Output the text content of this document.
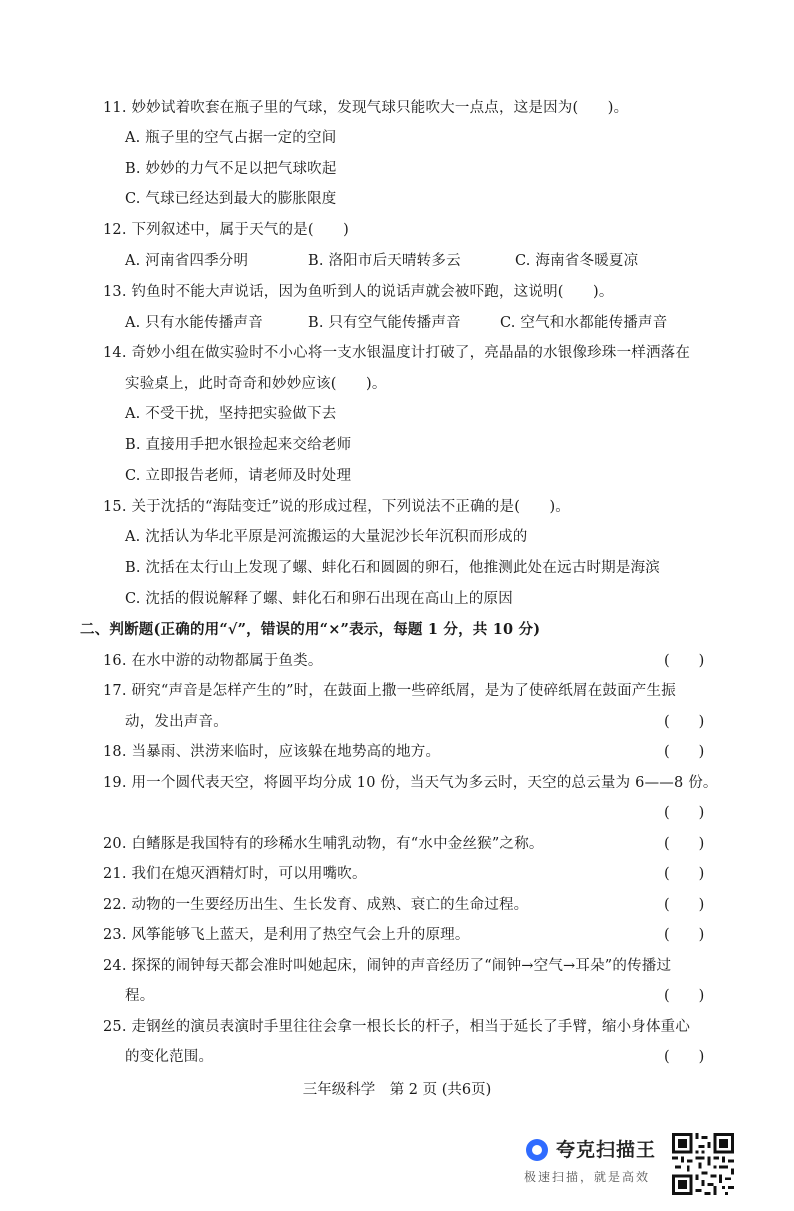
11. 妙妙试着吹套在瓶子里的气球，发现气球只能吹大一点点，这是因为(　　)。
A. 瓶子里的空气占据一定的空间
B. 妙妙的力气不足以把气球吹起
C. 气球已经达到最大的膨胀限度
12. 下列叙述中，属于天气的是(　　)
A. 河南省四季分明	B. 洛阳市后天晴转多云	C. 海南省冬暖夏凉
13. 钓鱼时不能大声说话，因为鱼听到人的说话声就会被吓跑，这说明(　　)。
A. 只有水能传播声音	B. 只有空气能传播声音	C. 空气和水都能传播声音
14. 奇妙小组在做实验时不小心将一支水银温度计打破了，亮晶晶的水银像珍珠一样洒落在
实验桌上，此时奇奇和妙妙应该(　　)。
A. 不受干扰，坚持把实验做下去
B. 直接用手把水银捡起来交给老师
C. 立即报告老师，请老师及时处理
15. 关于沈括的“海陆变迁”说的形成过程，下列说法不正确的是(　　)。
A. 沈括认为华北平原是河流搬运的大量泥沙长年沉积而形成的
B. 沈括在太行山上发现了螺、蚌化石和圆圆的卵石，他推测此处在远古时期是海滨
C. 沈括的假说解释了螺、蚌化石和卵石出现在高山上的原因
二、判断题(正确的用“√”，错误的用“×”表示，每题 1 分，共 10 分)
16. 在水中游的动物都属于鱼类。	(　　)
17. 研究“声音是怎样产生的”时，在鼓面上撒一些碎纸屑，是为了使碎纸屑在鼓面产生振
动，发出声音。	(　　)
18. 当暴雨、洪涝来临时，应该躲在地势高的地方。	(　　)
19. 用一个圆代表天空，将圆平均分成 10 份，当天气为多云时，天空的总云量为 6——8 份。
(　　)
20. 白鳍豚是我国特有的珍稀水生哺乳动物，有“水中金丝猴”之称。	(　　)
21. 我们在熄灭酒精灯时，可以用嘴吹。	(　　)
22. 动物的一生要经历出生、生长发育、成熟、衰亡的生命过程。	(　　)
23. 风筝能够飞上蓝天，是利用了热空气会上升的原理。	(　　)
24. 探探的闹钟每天都会准时叫她起床，闹钟的声音经历了“闹钟→空气→耳朵”的传播过
程。	(　　)
25. 走钢丝的演员表演时手里往往会拿一根长长的杆子，相当于延长了手臂，缩小身体重心
的变化范围。	(　　)
三年级科学　第 2 页 (共6页)
夸克扫描王
极速扫描，就是高效
